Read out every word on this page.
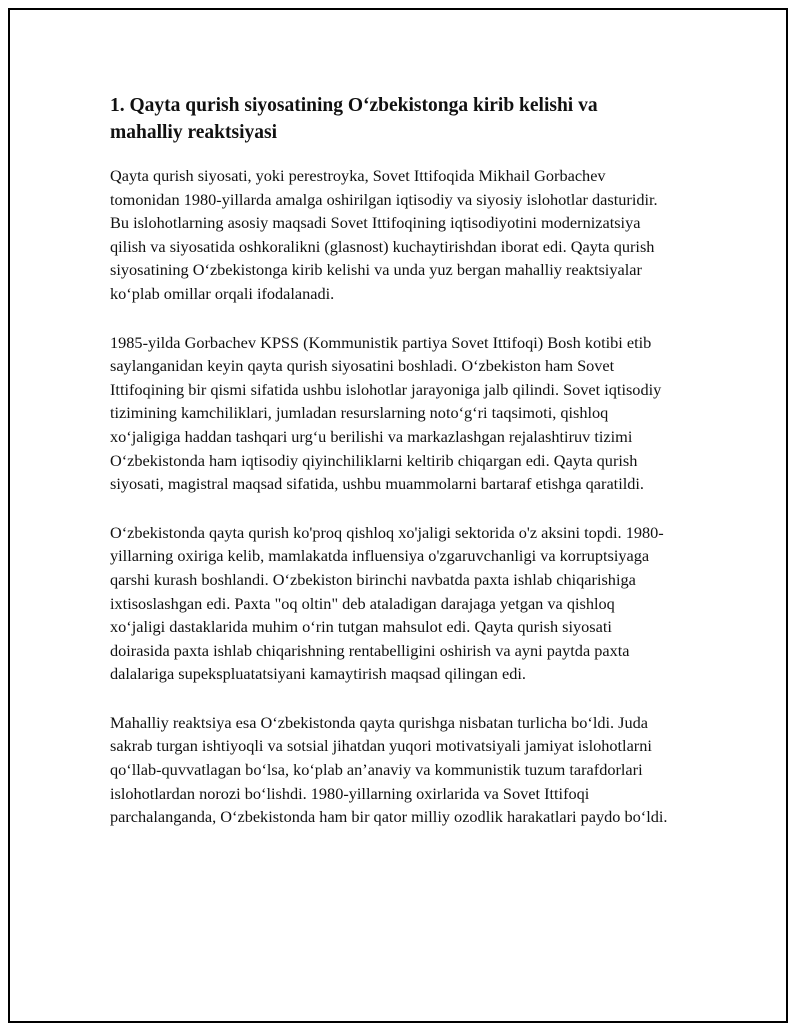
1. Qayta qurish siyosatining O‘zbekistonga kirib kelishi va mahalliy reaktsiyasi

Qayta qurish siyosati, yoki perestroyka, Sovet Ittifoqida Mikhail Gorbachev tomonidan 1980-yillarda amalga oshirilgan iqtisodiy va siyosiy islohotlar dasturidir. Bu islohotlarning asosiy maqsadi Sovet Ittifoqining iqtisodiyotini modernizatsiya qilish va siyosatida oshkoralikni (glasnost) kuchaytirishdan iborat edi. Qayta qurish siyosatining O‘zbekistonga kirib kelishi va unda yuz bergan mahalliy reaktsiyalar ko‘plab omillar orqali ifodalanadi.

1985-yilda Gorbachev KPSS (Kommunistik partiya Sovet Ittifoqi) Bosh kotibi etib saylanganidan keyin qayta qurish siyosatini boshladi. O‘zbekiston ham Sovet Ittifoqining bir qismi sifatida ushbu islohotlar jarayoniga jalb qilindi. Sovet iqtisodiy tizimining kamchiliklari, jumladan resurslarning noto‘g‘ri taqsimoti, qishloq xo‘jaligiga haddan tashqari urg‘u berilishi va markazlashgan rejalashtiruv tizimi O‘zbekistonda ham iqtisodiy qiyinchiliklarni keltirib chiqargan edi. Qayta qurish siyosati, magistral maqsad sifatida, ushbu muammolarni bartaraf etishga qaratildi.

O‘zbekistonda qayta qurish ko'proq qishloq xo'jaligi sektorida o'z aksini topdi. 1980-yillarning oxiriga kelib, mamlakatda influensiya o'zgaruvchanligi va korruptsiyaga qarshi kurash boshlandi. O‘zbekiston birinchi navbatda paxta ishlab chiqarishiga ixtisoslashgan edi. Paxta "oq oltin" deb ataladigan darajaga yetgan va qishloq xo‘jaligi dastaklarida muhim o‘rin tutgan mahsulot edi. Qayta qurish siyosati doirasida paxta ishlab chiqarishning rentabelligini oshirish va ayni paytda paxta dalalariga supekspluatatsiyani kamaytirish maqsad qilingan edi.

Mahalliy reaktsiya esa O‘zbekistonda qayta qurishga nisbatan turlicha bo‘ldi. Juda sakrab turgan ishtiyoqli va sotsial jihatdan yuqori motivatsiyali jamiyat islohotlarni qo‘llab-quvvatlagan bo‘lsa, ko‘plab an’anaviy va kommunistik tuzum tarafdorlari islohotlardan norozi bo‘lishdi. 1980-yillarning oxirlarida va Sovet Ittifoqi parchalanganda, O‘zbekistonda ham bir qator milliy ozodlik harakatlari paydo bo‘ldi.
